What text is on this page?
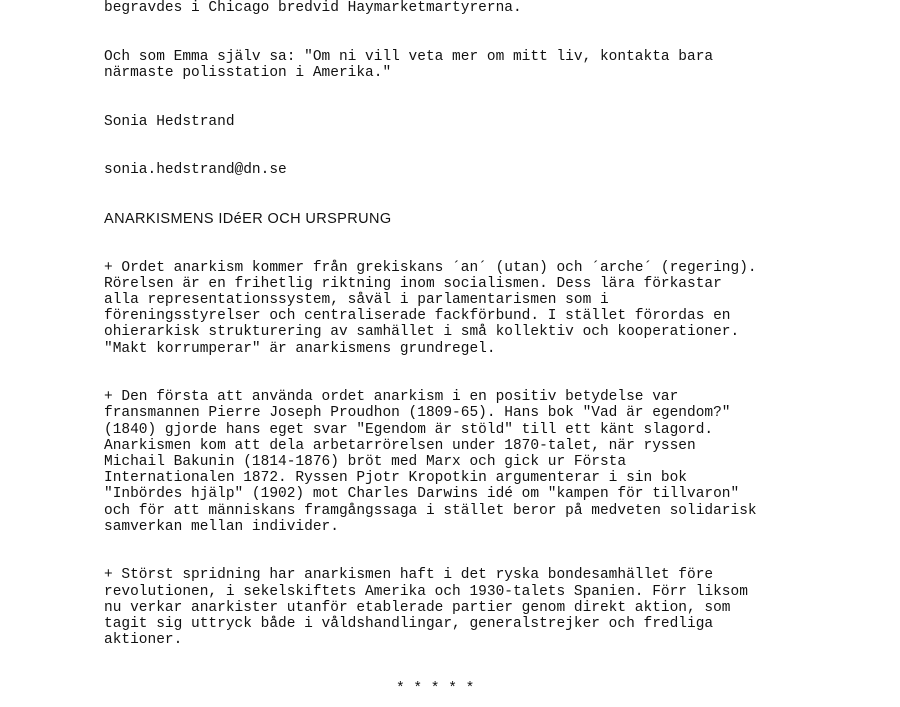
begravdes i Chicago bredvid Haymarketmartyrerna.
Och som Emma själv sa: "Om ni vill veta mer om mitt liv, kontakta bara
närmaste polisstation i Amerika."
Sonia Hedstrand
sonia.hedstrand@dn.se
ANARKISMENS IDéER OCH URSPRUNG
+ Ordet anarkism kommer från grekiskans ´an´ (utan) och ´arche´ (regering).
Rörelsen är en frihetlig riktning inom socialismen. Dess lära förkastar
alla representationssystem, såväl i parlamentarismen som i
föreningsstyrelser och centraliserade fackförbund. I stället förordas en
ohierarkisk strukturering av samhället i små kollektiv och kooperationer.
"Makt korrumperar" är anarkismens grundregel.
+ Den första att använda ordet anarkism i en positiv betydelse var
fransmannen Pierre Joseph Proudhon (1809-65). Hans bok "Vad är egendom?"
(1840) gjorde hans eget svar "Egendom är stöld" till ett känt slagord.
Anarkismen kom att dela arbetarrörelsen under 1870-talet, när ryssen
Michail Bakunin (1814-1876) bröt med Marx och gick ur Första
Internationalen 1872. Ryssen Pjotr Kropotkin argumenterar i sin bok
"Inbördes hjälp" (1902) mot Charles Darwins idé om "kampen för tillvaron"
och för att människans framgångssaga i stället beror på medveten solidarisk
samverkan mellan individer.
+ Störst spridning har anarkismen haft i det ryska bondesamhället före
revolutionen, i sekelskiftets Amerika och 1930-talets Spanien. Förr liksom
nu verkar anarkister utanför etablerade partier genom direkt aktion, som
tagit sig uttryck både i våldshandlingar, generalstrejker och fredliga
aktioner.
* * * * *
